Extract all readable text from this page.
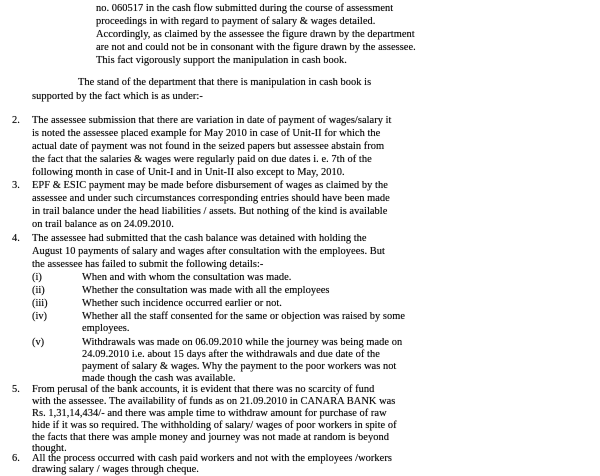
no. 060517 in the cash flow submitted during the course of assessment
proceedings in with regard to payment of salary & wages detailed.
Accordingly, as claimed by the assessee the figure drawn by the department
are not and could not be in consonant with the figure drawn by the assessee.
This fact vigorously support the manipulation in cash book.
The stand of the department that there is manipulation in cash book is
supported by the fact which is as under:-
2. The assessee submission that there are variation in date of payment of wages/salary it
is noted the assessee placed example for May 2010 in case of Unit-II for which the
actual date of payment was not found in the seized papers but assessee abstain from
the fact that the salaries & wages were regularly paid on due dates i. e. 7th of the
following month in case of Unit-I and in Unit-II also except to May, 2010.
3. EPF & ESIC payment may be made before disbursement of wages as claimed by the
assessee and under such circumstances corresponding entries should have been made
in trail balance under the head liabilities / assets. But nothing of the kind is available
on trail balance as on 24.09.2010.
4. The assessee had submitted that the cash balance was detained with holding the
August 10 payments of salary and wages after consultation with the employees. But
the assessee has failed to submit the following details:-
(i)	When and with whom the consultation was made.
(ii)	Whether the consultation was made with all the employees
(iii)	Whether such incidence occurred earlier or not.
(iv)	Whether all the staff consented for the same or objection was raised by some
employees.
(v)	Withdrawals was made on 06.09.2010 while the journey was being made on
24.09.2010 i.e. about 15 days after the withdrawals and due date of the
payment of salary & wages. Why the payment to the poor workers was not
made though the cash was available.
5. From perusal of the bank accounts, it is evident that there was no scarcity of fund
with the assessee. The availability of funds as on 21.09.2010 in CANARA BANK was
Rs. 1,31,14,434/- and there was ample time to withdraw amount for purchase of raw
hide if it was so required. The withholding of salary/ wages of poor workers in spite of
the facts that there was ample money and journey was not made at random is beyond
thought.
6. All the process occurred with cash paid workers and not with the employees /workers
drawing salary / wages through cheque.
